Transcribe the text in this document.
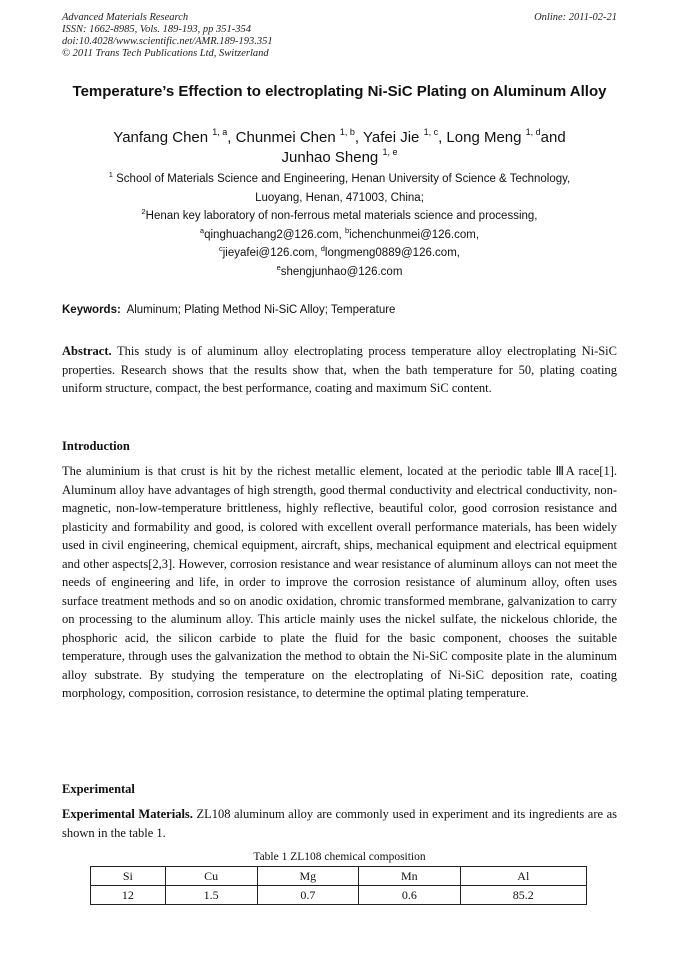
Advanced Materials Research
ISSN: 1662-8985, Vols. 189-193, pp 351-354
doi:10.4028/www.scientific.net/AMR.189-193.351
© 2011 Trans Tech Publications Ltd, Switzerland
Online: 2011-02-21
Temperature’s Effection to electroplating Ni-SiC Plating on Aluminum Alloy
Yanfang Chen $^{1, a}$, Chunmei Chen $^{1, b}$, Yafei Jie $^{1, c}$, Long Meng $^{1, d}$and
Junhao Sheng $^{1, e}$
$^1$ School of Materials Science and Engineering, Henan University of Science & Technology,
Luoyang, Henan, 471003, China;
$^2$Henan key laboratory of non-ferrous metal materials science and processing,
$^a$qinghuachang2@126.com, $^b$ichenchunmei@126.com,
$^c$jieyafei@126.com, $^d$longmeng0889@126.com,
$^e$shengjunhao@126.com
Keywords: Aluminum; Plating Method Ni-SiC Alloy; Temperature
Abstract. This study is of aluminum alloy electroplating process temperature alloy electroplating Ni-SiC properties. Research shows that the results show that, when the bath temperature for 50, plating coating uniform structure, compact, the best performance, coating and maximum SiC content.
Introduction
The aluminium is that crust is hit by the richest metallic element, located at the periodic table ⅢA race[1]. Aluminum alloy have advantages of high strength, good thermal conductivity and electrical conductivity, non-magnetic, non-low-temperature brittleness, highly reflective, beautiful color, good corrosion resistance and plasticity and formability and good, is colored with excellent overall performance materials, has been widely used in civil engineering, chemical equipment, aircraft, ships, mechanical equipment and electrical equipment and other aspects[2,3]. However, corrosion resistance and wear resistance of aluminum alloys can not meet the needs of engineering and life, in order to improve the corrosion resistance of aluminum alloy, often uses surface treatment methods and so on anodic oxidation, chromic transformed membrane, galvanization to carry on processing to the aluminum alloy. This article mainly uses the nickel sulfate, the nickelous chloride, the phosphoric acid, the silicon carbide to plate the fluid for the basic component, chooses the suitable temperature, through uses the galvanization the method to obtain the Ni-SiC composite plate in the aluminum alloy substrate. By studying the temperature on the electroplating of Ni-SiC deposition rate, coating morphology, composition, corrosion resistance, to determine the optimal plating temperature.
Experimental
Experimental Materials. ZL108 aluminum alloy are commonly used in experiment and its ingredients are as shown in the table 1.
Table 1 ZL108 chemical composition
Si	Cu	Mg	Mn	Al
12	1.5	0.7	0.6	85.2
